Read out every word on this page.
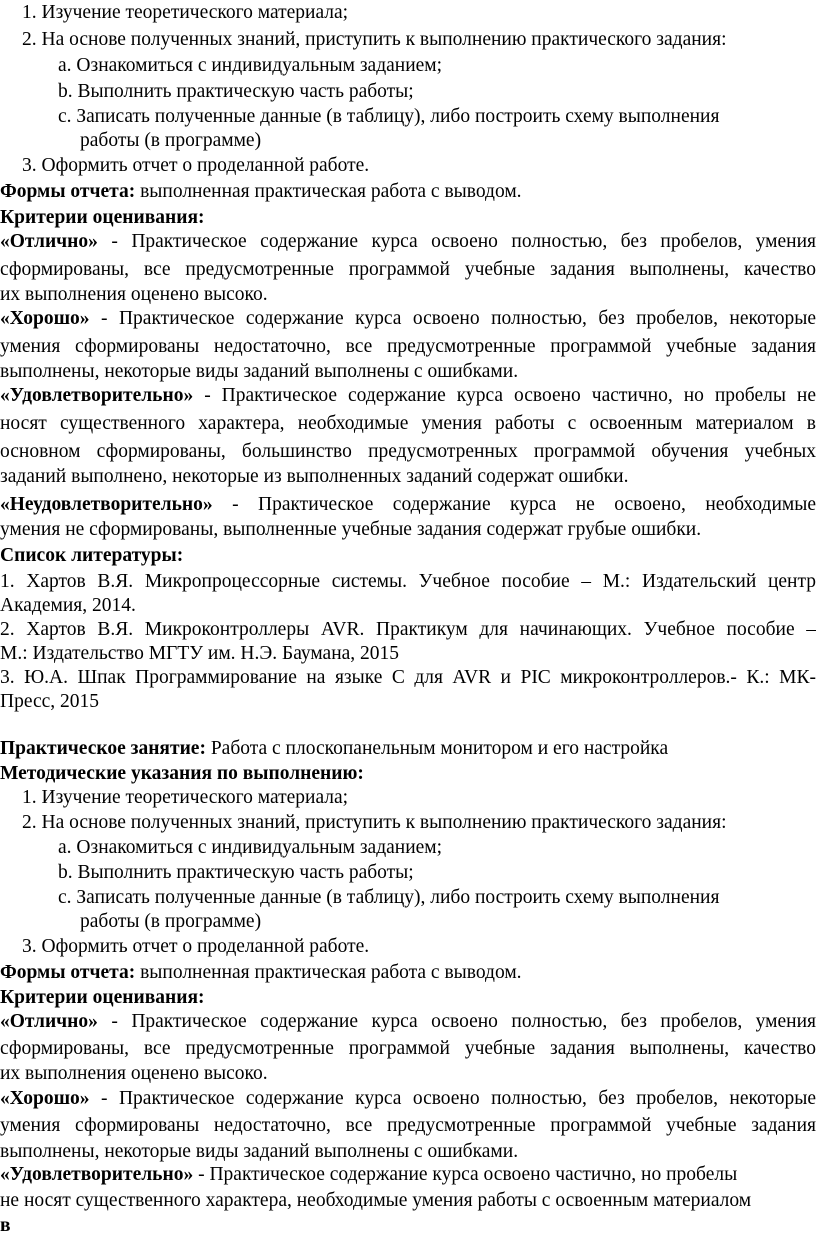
1. Изучение теоретического материала;
2. На основе полученных знаний, приступить к выполнению практического задания:
a. Ознакомиться с индивидуальным заданием;
b. Выполнить практическую часть работы;
c. Записать полученные данные (в таблицу), либо построить схему выполнения
работы (в программе)
3. Оформить отчет о проделанной работе.
Формы отчета: выполненная практическая работа с выводом.
Критерии оценивания:
«Отлично» - Практическое содержание курса освоено полностью, без пробелов, умения
сформированы, все предусмотренные программой учебные задания выполнены, качество
их выполнения оценено высоко.
«Хорошо» - Практическое содержание курса освоено полностью, без пробелов, некоторые
умения сформированы недостаточно, все предусмотренные программой учебные задания
выполнены, некоторые виды заданий выполнены с ошибками.
«Удовлетворительно» - Практическое содержание курса освоено частично, но пробелы не
носят существенного характера, необходимые умения работы с освоенным материалом в
основном сформированы, большинство предусмотренных программой обучения учебных
заданий выполнено, некоторые из выполненных заданий содержат ошибки.
«Неудовлетворительно» - Практическое содержание курса не освоено, необходимые
умения не сформированы, выполненные учебные задания содержат грубые ошибки.
Список литературы:
1. Хартов В.Я. Микропроцессорные системы. Учебное пособие – М.: Издательский центр
Академия, 2014.
2. Хартов В.Я. Микроконтроллеры AVR. Практикум для начинающих. Учебное пособие –
М.: Издательство МГТУ им. Н.Э. Баумана, 2015
3. Ю.А. Шпак Программирование на языке С для AVR и PIC микроконтроллеров.- К.: МК-
Пресс, 2015
Практическое занятие: Работа с плоскопанельным монитором и его настройка
Методические указания по выполнению:
1. Изучение теоретического материала;
2. На основе полученных знаний, приступить к выполнению практического задания:
a. Ознакомиться с индивидуальным заданием;
b. Выполнить практическую часть работы;
c. Записать полученные данные (в таблицу), либо построить схему выполнения
работы (в программе)
3. Оформить отчет о проделанной работе.
Формы отчета: выполненная практическая работа с выводом.
Критерии оценивания:
«Отлично» - Практическое содержание курса освоено полностью, без пробелов, умения
сформированы, все предусмотренные программой учебные задания выполнены, качество
их выполнения оценено высоко.
«Хорошо» - Практическое содержание курса освоено полностью, без пробелов, некоторые
умения сформированы недостаточно, все предусмотренные программой учебные задания
выполнены, некоторые виды заданий выполнены с ошибками.
«Удовлетворительно» - Практическое содержание курса освоено частично, но пробелы
не носят существенного характера, необходимые умения работы с освоенным материалом
в
